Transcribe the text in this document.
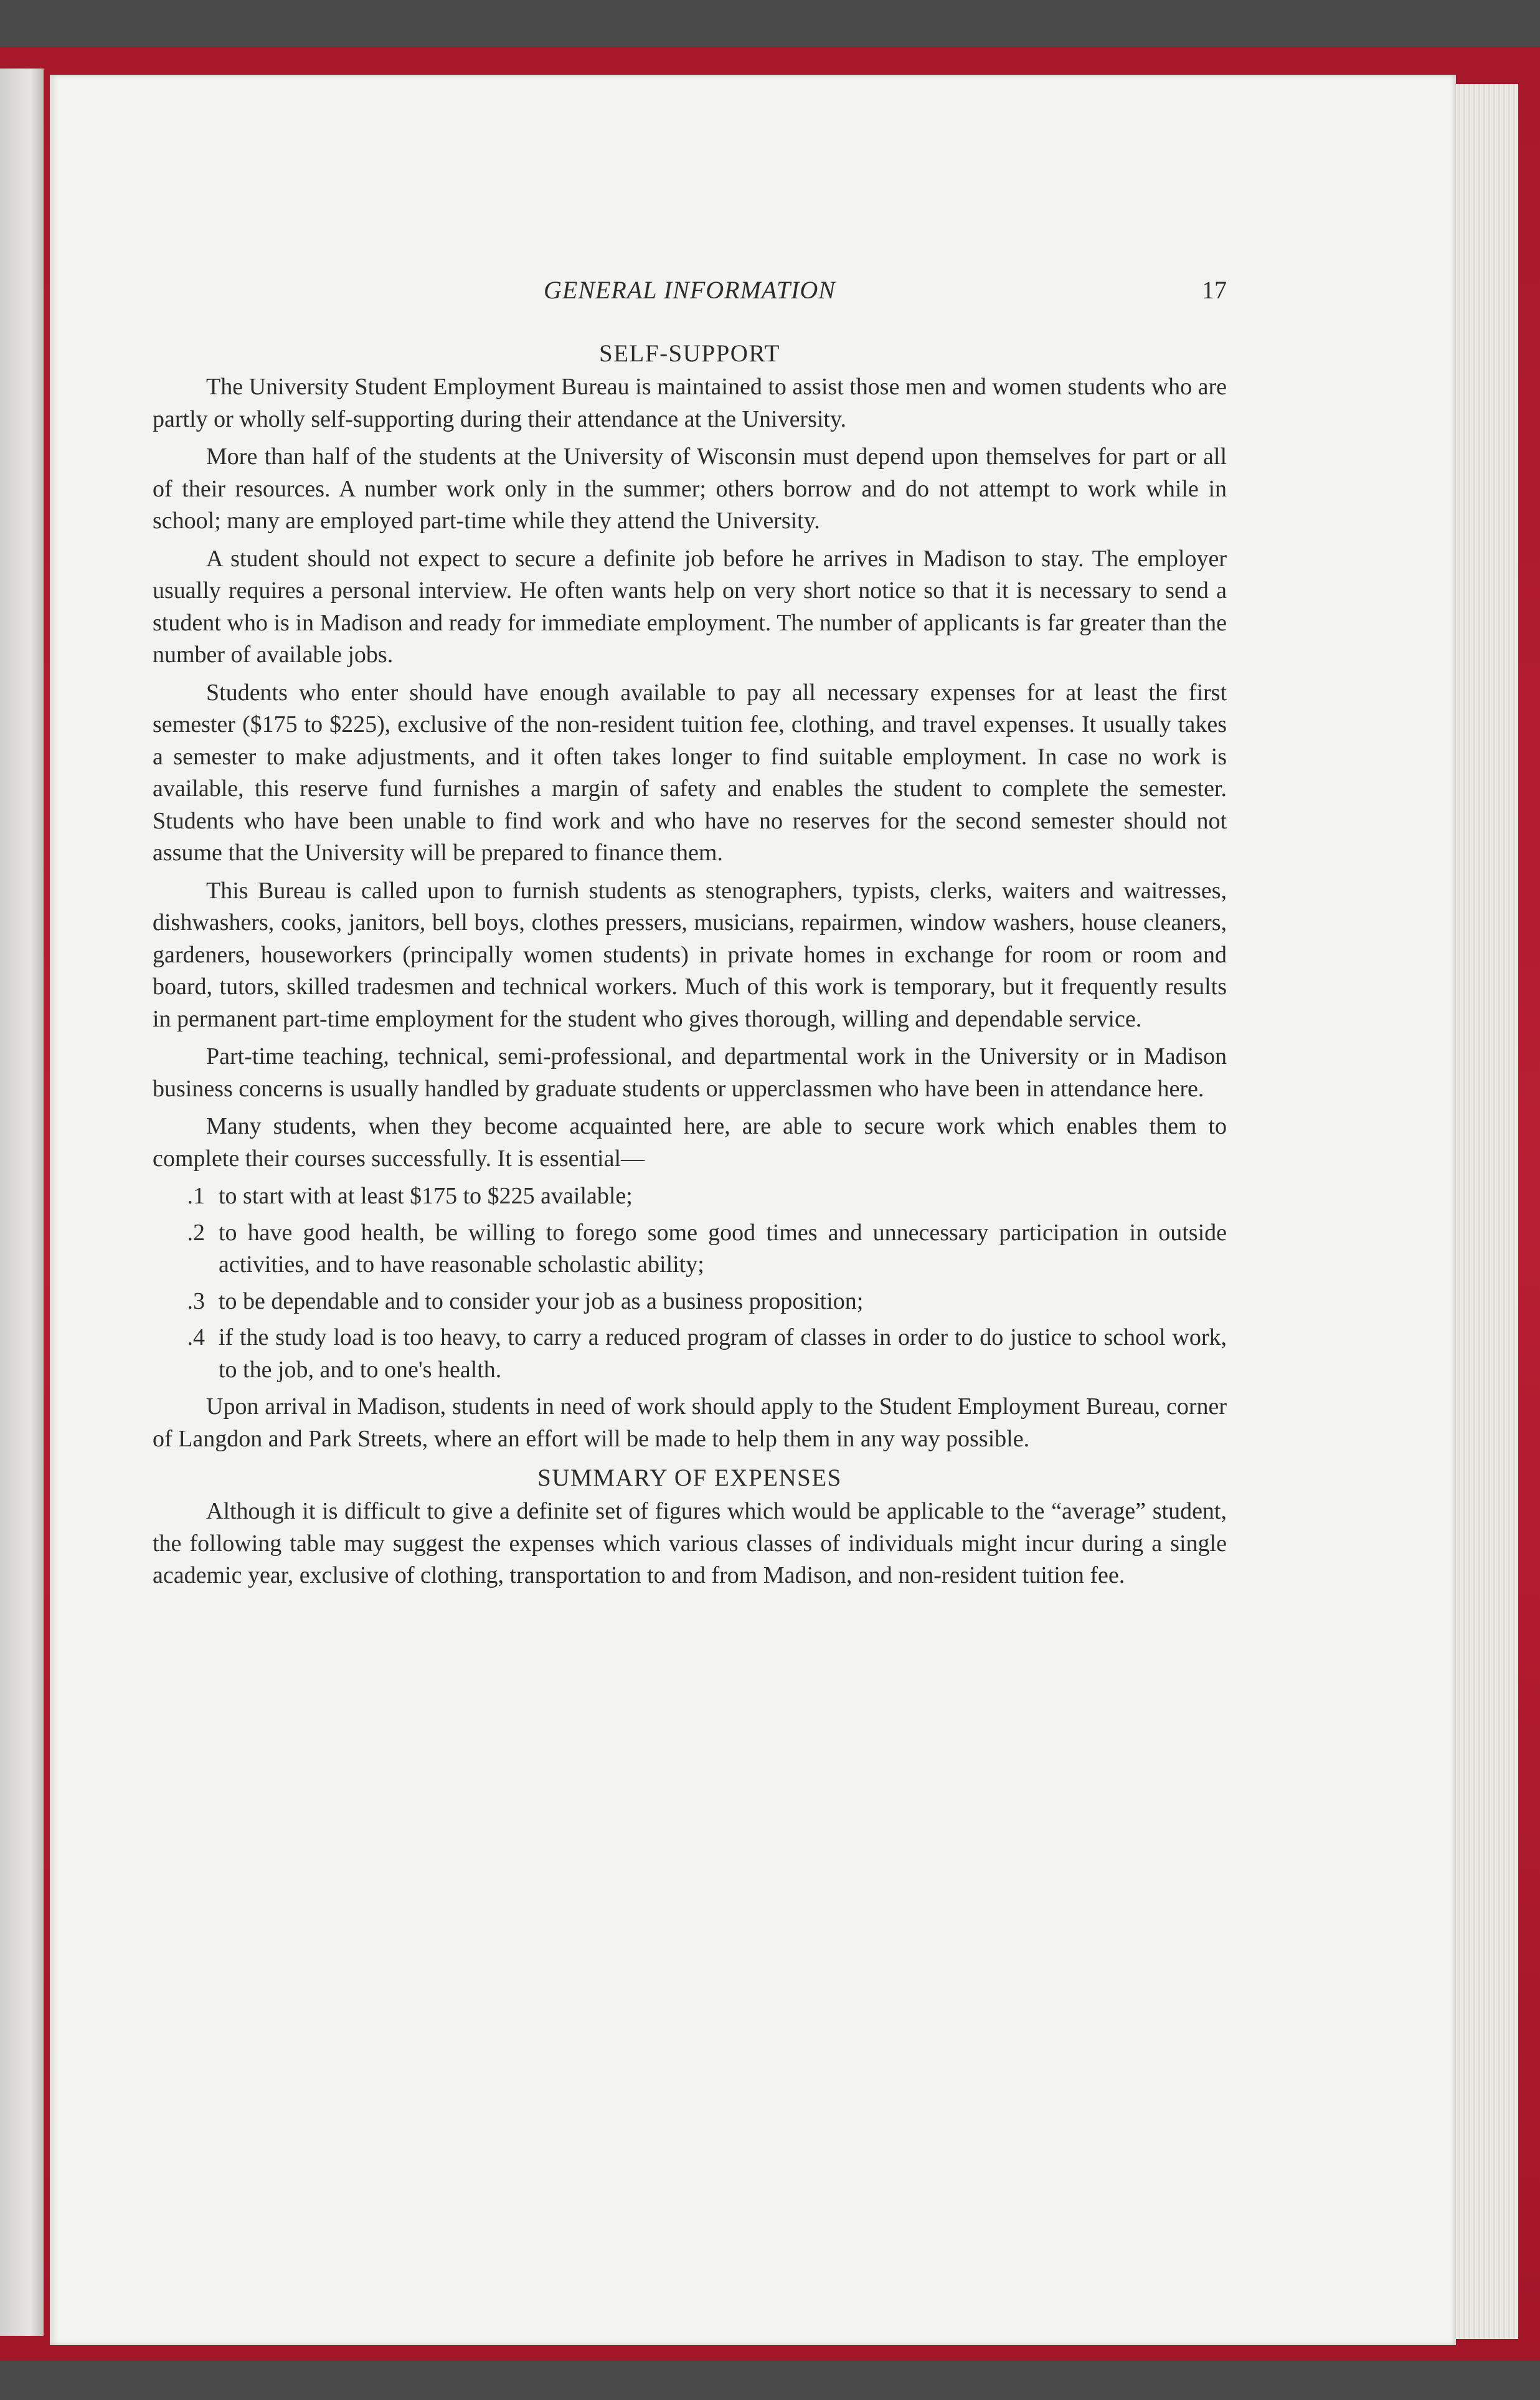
GENERAL INFORMATION	17
SELF-SUPPORT

The University Student Employment Bureau is maintained to assist those men and women students who are partly or wholly self-supporting during their attendance at the University.

More than half of the students at the University of Wisconsin must depend upon themselves for part or all of their resources. A number work only in the summer; others borrow and do not attempt to work while in school; many are employed part-time while they attend the University.

A student should not expect to secure a definite job before he arrives in Madison to stay. The employer usually requires a personal interview. He often wants help on very short notice so that it is necessary to send a student who is in Madison and ready for immediate employment. The number of applicants is far greater than the number of available jobs.

Students who enter should have enough available to pay all necessary expenses for at least the first semester ($175 to $225), exclusive of the non-resident tuition fee, clothing, and travel expenses. It usually takes a semester to make adjustments, and it often takes longer to find suitable employment. In case no work is available, this reserve fund furnishes a margin of safety and enables the student to complete the semester. Students who have been unable to find work and who have no reserves for the second semester should not assume that the University will be prepared to finance them.

This Bureau is called upon to furnish students as stenographers, typists, clerks, waiters and waitresses, dishwashers, cooks, janitors, bell boys, clothes pressers, musicians, repairmen, window washers, house cleaners, gardeners, houseworkers (principally women students) in private homes in exchange for room or room and board, tutors, skilled tradesmen and technical workers. Much of this work is temporary, but it frequently results in permanent part-time employment for the student who gives thorough, willing and dependable service.

Part-time teaching, technical, semi-professional, and departmental work in the University or in Madison business concerns is usually handled by graduate students or upperclassmen who have been in attendance here.

Many students, when they become acquainted here, are able to secure work which enables them to complete their courses successfully. It is essential—

1. to start with at least $175 to $225 available;
2. to have good health, be willing to forego some good times and unnecessary participation in outside activities, and to have reasonable scholastic ability;
3. to be dependable and to consider your job as a business proposition;
4. if the study load is too heavy, to carry a reduced program of classes in order to do justice to school work, to the job, and to one's health.

Upon arrival in Madison, students in need of work should apply to the Student Employment Bureau, corner of Langdon and Park Streets, where an effort will be made to help them in any way possible.

SUMMARY OF EXPENSES

Although it is difficult to give a definite set of figures which would be applicable to the “average” student, the following table may suggest the expenses which various classes of individuals might incur during a single academic year, exclusive of clothing, transportation to and from Madison, and non-resident tuition fee.
